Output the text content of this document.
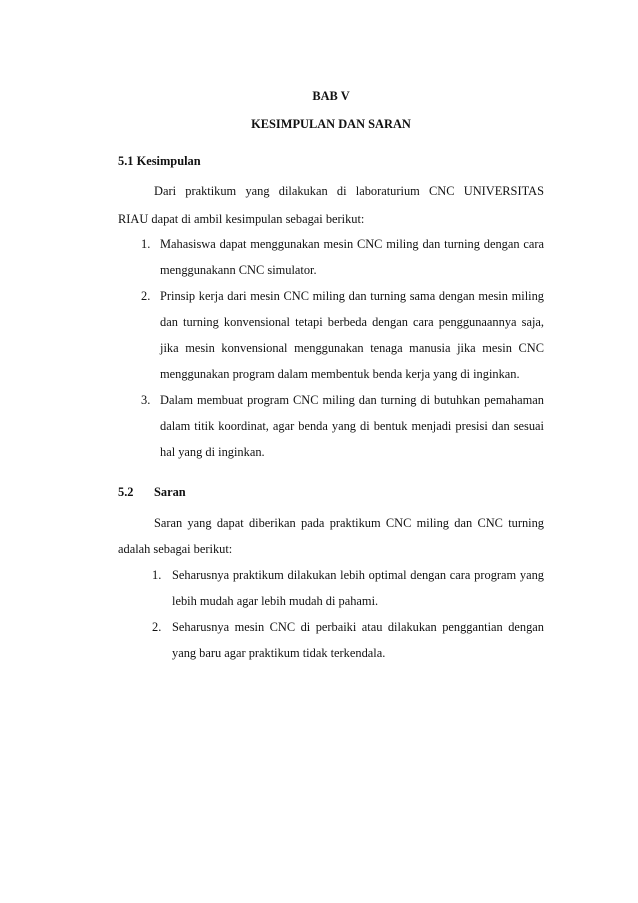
BAB V
KESIMPULAN DAN SARAN
5.1 Kesimpulan
Dari praktikum yang dilakukan di laboraturium CNC UNIVERSITAS
RIAU dapat di ambil kesimpulan sebagai berikut:
1. Mahasiswa dapat menggunakan mesin CNC miling dan turning dengan cara
menggunakann CNC simulator.
2. Prinsip kerja dari mesin CNC miling dan turning sama dengan mesin miling
dan turning konvensional tetapi berbeda dengan cara penggunaannya saja,
jika mesin konvensional menggunakan tenaga manusia jika mesin CNC
menggunakan program dalam membentuk benda kerja yang di inginkan.
3. Dalam membuat program CNC miling dan turning di butuhkan pemahaman
dalam titik koordinat, agar benda yang di bentuk menjadi presisi dan sesuai
hal yang di inginkan.
5.2 Saran
Saran yang dapat diberikan pada praktikum CNC miling dan CNC turning
adalah sebagai berikut:
1. Seharusnya praktikum dilakukan lebih optimal dengan cara program yang
lebih mudah agar lebih mudah di pahami.
2. Seharusnya mesin CNC di perbaiki atau dilakukan penggantian dengan
yang baru agar praktikum tidak terkendala.
